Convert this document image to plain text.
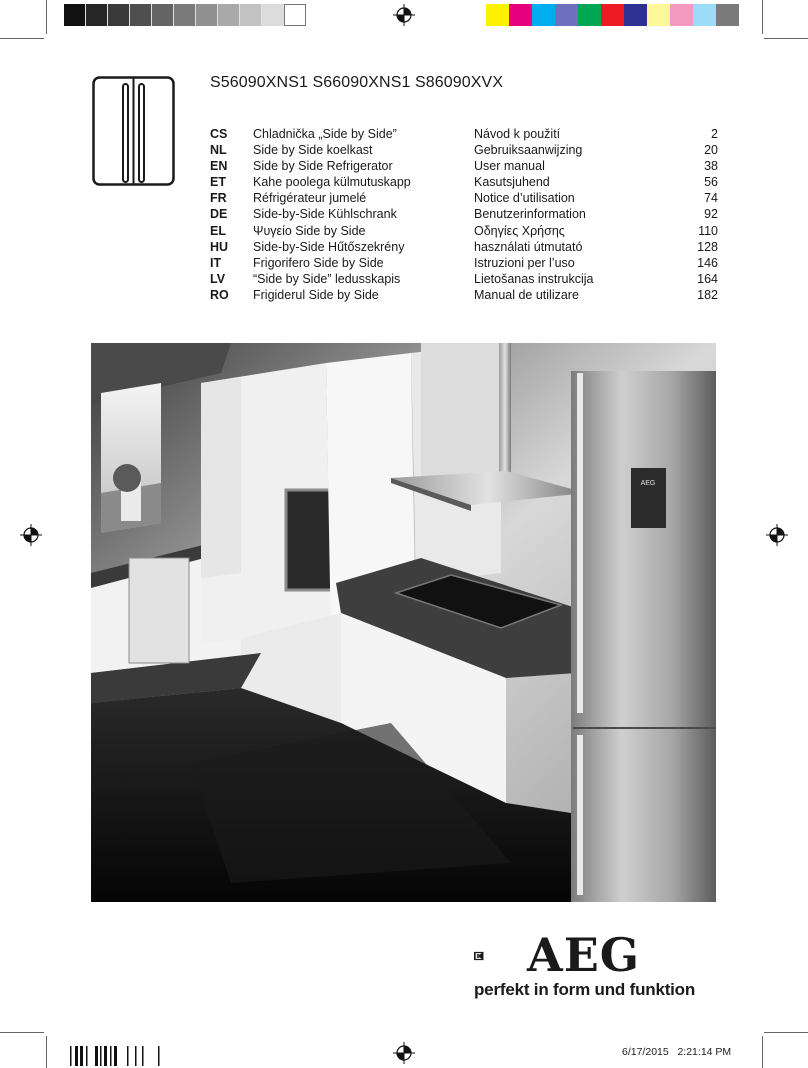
S56090XNS1 S66090XNS1 S86090XVX
CS Chladnička „Side by Side”	Návod k použití	2
NL Side by Side koelkast	Gebruiksaanwijzing	20
EN Side by Side Refrigerator	User manual	38
ET Kahe poolega külmutuskapp	Kasutsjuhend	56
FR Réfrigérateur jumelé	Notice d’utilisation	74
DE Side-by-Side Kühlschrank	Benutzerinformation	92
EL Ψυγείο Side by Side	Οδηγίες Χρήσης	110
HU Side-by-Side Hűtőszekrény	használati útmutató	128
IT	Frigorifero Side by Side	Istruzioni per l’uso	146
LV “Side by Side” ledusskapis	Lietošanas instrukcija	164
RO Frigiderul Side by Side	Manual de utilizare	182
AEG
AEG
perfekt in form und funktion
6/17/2015   2:21:14 PM
